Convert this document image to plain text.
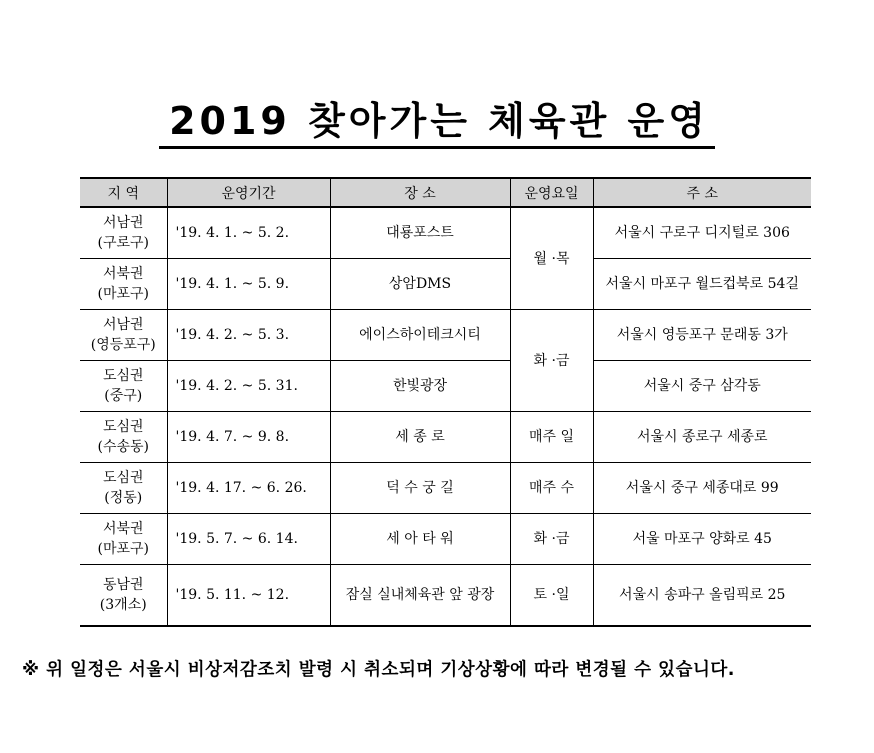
2019 찾아가는 체육관 운영
지 역	운영기간	장 소	운영요일	주 소

서남권
(구로구)	'19. 4. 1. ~ 5. 2.	대룡포스트	월 ·목	서울시 구로구 디지털로 306

서북권
(마포구)	'19. 4. 1. ~ 5. 9.	상암DMS		서울시 마포구 월드컵북로 54길

서남권
(영등포구)	'19. 4. 2. ~ 5. 3.	에이스하이테크시티	화 ·금	서울시 영등포구 문래동 3가

도심권
(중구)	'19. 4. 2. ~ 5. 31.	한빛광장		서울시 중구 삼각동

도심권
(수송동)	'19. 4. 7. ~ 9. 8.	세 종 로	매주 일	서울시 종로구 세종로

도심권
(정동)	'19. 4. 17. ~ 6. 26.	덕 수 궁 길	매주 수	서울시 중구 세종대로 99

서북권
(마포구)	'19. 5. 7. ~ 6. 14.	세 아 타 워	화 ·금	서울 마포구 양화로 45

동남권
(3개소)	'19. 5. 11. ~ 12.	잠실 실내체육관 앞 광장	토 ·일	서울시 송파구 올림픽로 25
※ 위 일정은 서울시 비상저감조치 발령 시 취소되며 기상상황에 따라 변경될 수 있습니다.
